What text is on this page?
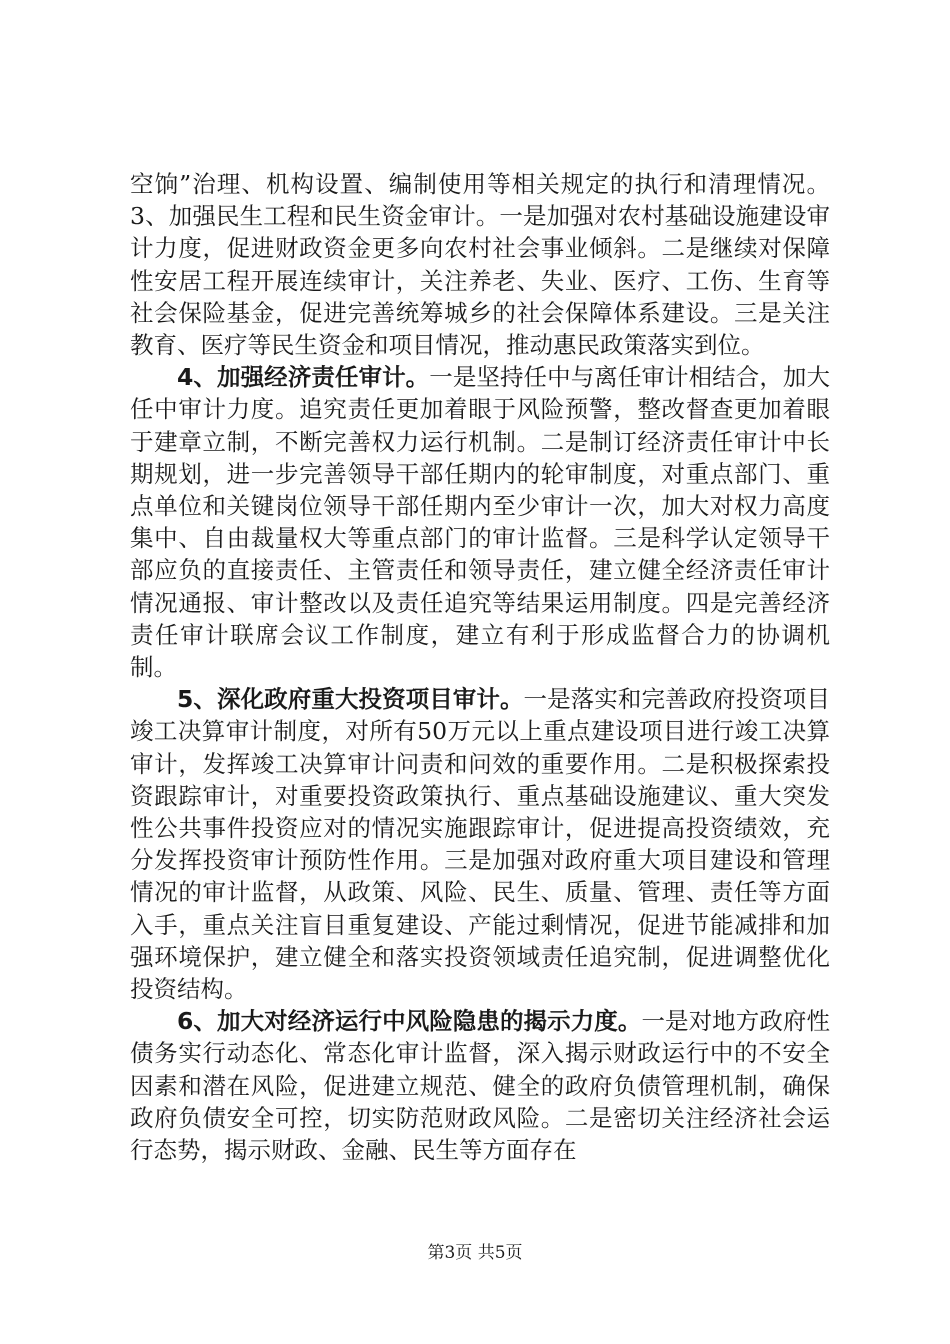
空饷”治理、机构设置、编制使用等相关规定的执行和清理情况。3、加强民生工程和民生资金审计。一是加强对农村基础设施建设审计力度，促进财政资金更多向农村社会事业倾斜。二是继续对保障性安居工程开展连续审计，关注养老、失业、医疗、工伤、生育等社会保险基金，促进完善统筹城乡的社会保障体系建设。三是关注教育、医疗等民生资金和项目情况，推动惠民政策落实到位。

4、加强经济责任审计。一是坚持任中与离任审计相结合，加大任中审计力度。追究责任更加着眼于风险预警，整改督查更加着眼于建章立制，不断完善权力运行机制。二是制订经济责任审计中长期规划，进一步完善领导干部任期内的轮审制度，对重点部门、重点单位和关键岗位领导干部任期内至少审计一次，加大对权力高度集中、自由裁量权大等重点部门的审计监督。三是科学认定领导干部应负的直接责任、主管责任和领导责任，建立健全经济责任审计情况通报、审计整改以及责任追究等结果运用制度。四是完善经济责任审计联席会议工作制度，建立有利于形成监督合力的协调机制。

5、深化政府重大投资项目审计。一是落实和完善政府投资项目竣工决算审计制度，对所有50万元以上重点建设项目进行竣工决算审计，发挥竣工决算审计问责和问效的重要作用。二是积极探索投资跟踪审计，对重要投资政策执行、重点基础设施建议、重大突发性公共事件投资应对的情况实施跟踪审计，促进提高投资绩效，充分发挥投资审计预防性作用。三是加强对政府重大项目建设和管理情况的审计监督，从政策、风险、民生、质量、管理、责任等方面入手，重点关注盲目重复建设、产能过剩情况，促进节能减排和加强环境保护，建立健全和落实投资领域责任追究制，促进调整优化投资结构。

6、加大对经济运行中风险隐患的揭示力度。一是对地方政府性债务实行动态化、常态化审计监督，深入揭示财政运行中的不安全因素和潜在风险，促进建立规范、健全的政府负债管理机制，确保政府负债安全可控，切实防范财政风险。二是密切关注经济社会运行态势，揭示财政、金融、民生等方面存在

第3页 共5页
